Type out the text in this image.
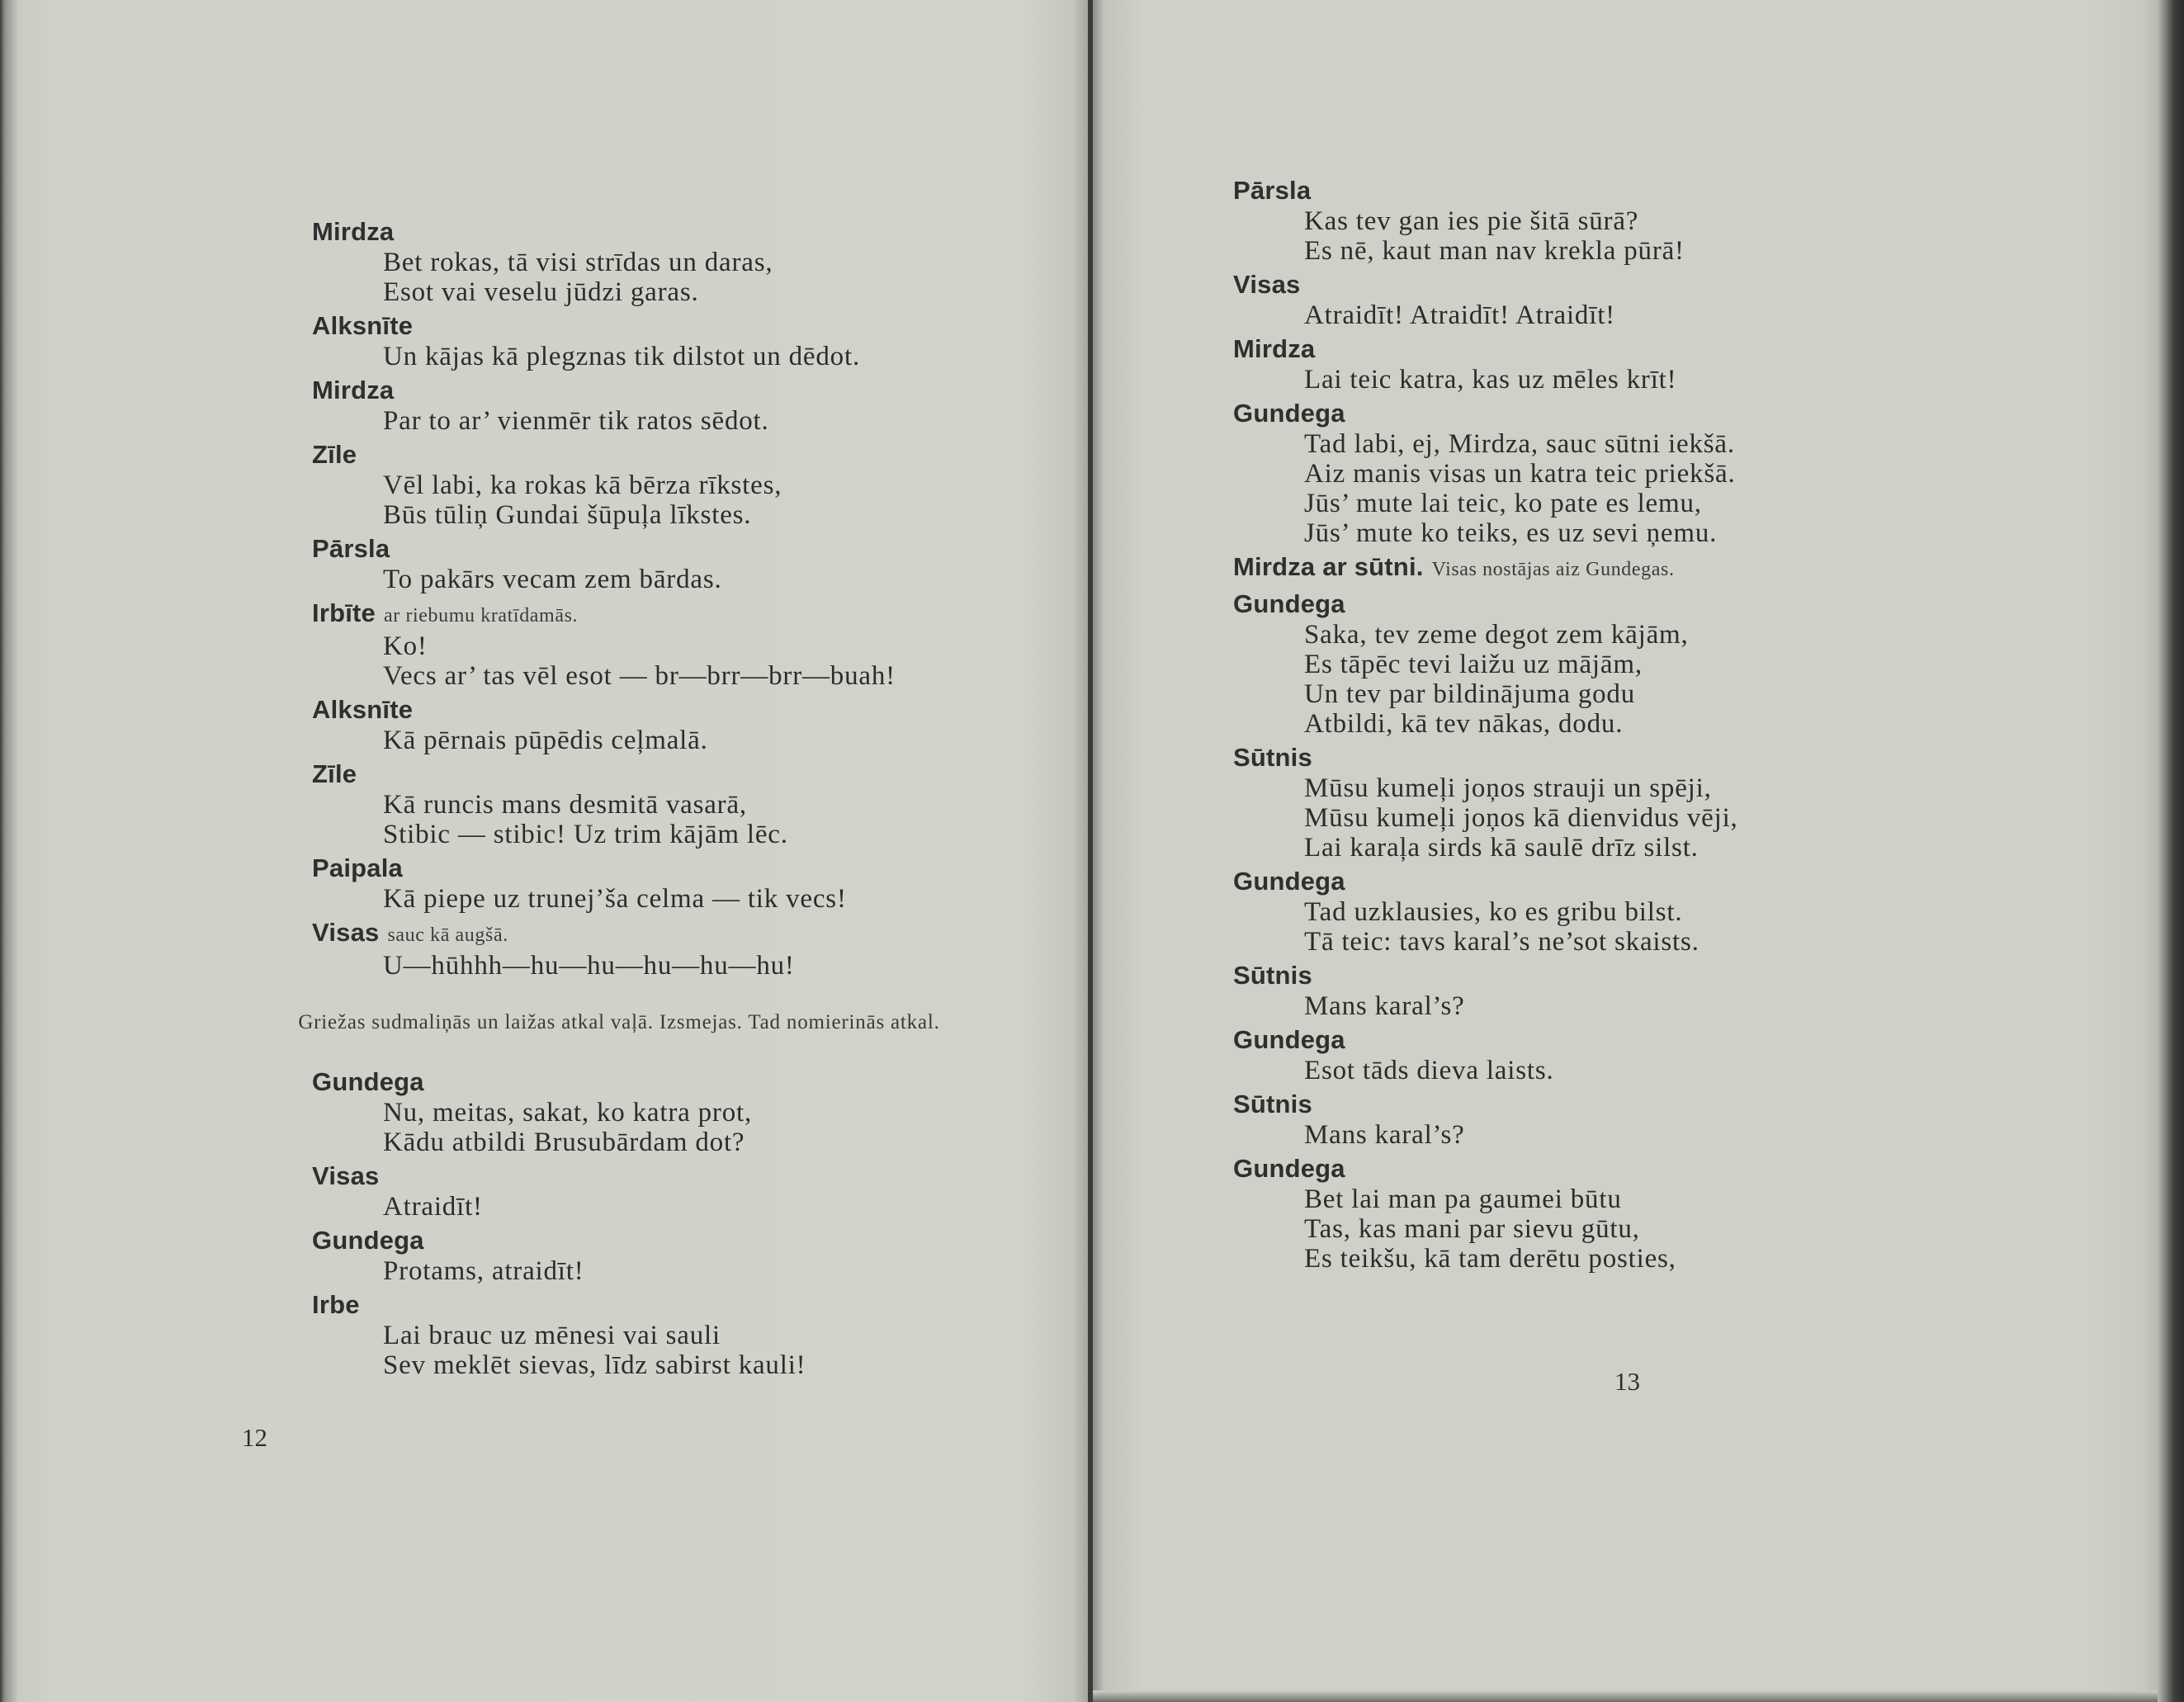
Mirdza
Bet rokas, tā visi strīdas un daras,
Esot vai veselu jūdzi garas.
Alksnīte
Un kājas kā plegznas tik dilstot un dēdot.
Mirdza
Par to ar’ vienmēr tik ratos sēdot.
Zīle
Vēl labi, ka rokas kā bērza rīkstes,
Būs tūliņ Gundai šūpuļa līkstes.
Pārsla
To pakārs vecam zem bārdas.
Irbīte ar riebumu kratīdamās.
Ko!
Vecs ar’ tas vēl esot — br—brr—brr—buah!
Alksnīte
Kā pērnais pūpēdis ceļmalā.
Zīle
Kā runcis mans desmitā vasarā,
Stibic — stibic! Uz trim kājām lēc.
Paipala
Kā piepe uz trunej’ša celma — tik vecs!
Visas sauc kā augšā.
U—hūhhh—hu—hu—hu—hu—hu!
Griežas sudmaliņās un laižas atkal vaļā. Izsmejas. Tad nomierinās atkal.
Gundega
Nu, meitas, sakat, ko katra prot,
Kādu atbildi Brusubārdam dot?
Visas
Atraidīt!
Gundega
Protams, atraidīt!
Irbe
Lai brauc uz mēnesi vai sauli
Sev meklēt sievas, līdz sabirst kauli!
12
Pārsla
Kas tev gan ies pie šitā sūrā?
Es nē, kaut man nav krekla pūrā!
Visas
Atraidīt! Atraidīt! Atraidīt!
Mirdza
Lai teic katra, kas uz mēles krīt!
Gundega
Tad labi, ej, Mirdza, sauc sūtni iekšā.
Aiz manis visas un katra teic priekšā.
Jūs’ mute lai teic, ko pate es lemu,
Jūs’ mute ko teiks, es uz sevi ņemu.
Mirdza ar sūtni. Visas nostājas aiz Gundegas.
Gundega
Saka, tev zeme degot zem kājām,
Es tāpēc tevi laižu uz mājām,
Un tev par bildinājuma godu
Atbildi, kā tev nākas, dodu.
Sūtnis
Mūsu kumeļi joņos strauji un spēji,
Mūsu kumeļi joņos kā dienvidus vēji,
Lai karaļa sirds kā saulē drīz silst.
Gundega
Tad uzklausies, ko es gribu bilst.
Tā teic: tavs karal’s ne’sot skaists.
Sūtnis
Mans karal’s?
Gundega
Esot tāds dieva laists.
Sūtnis
Mans karal’s?
Gundega
Bet lai man pa gaumei būtu
Tas, kas mani par sievu gūtu,
Es teikšu, kā tam derētu posties,
13
